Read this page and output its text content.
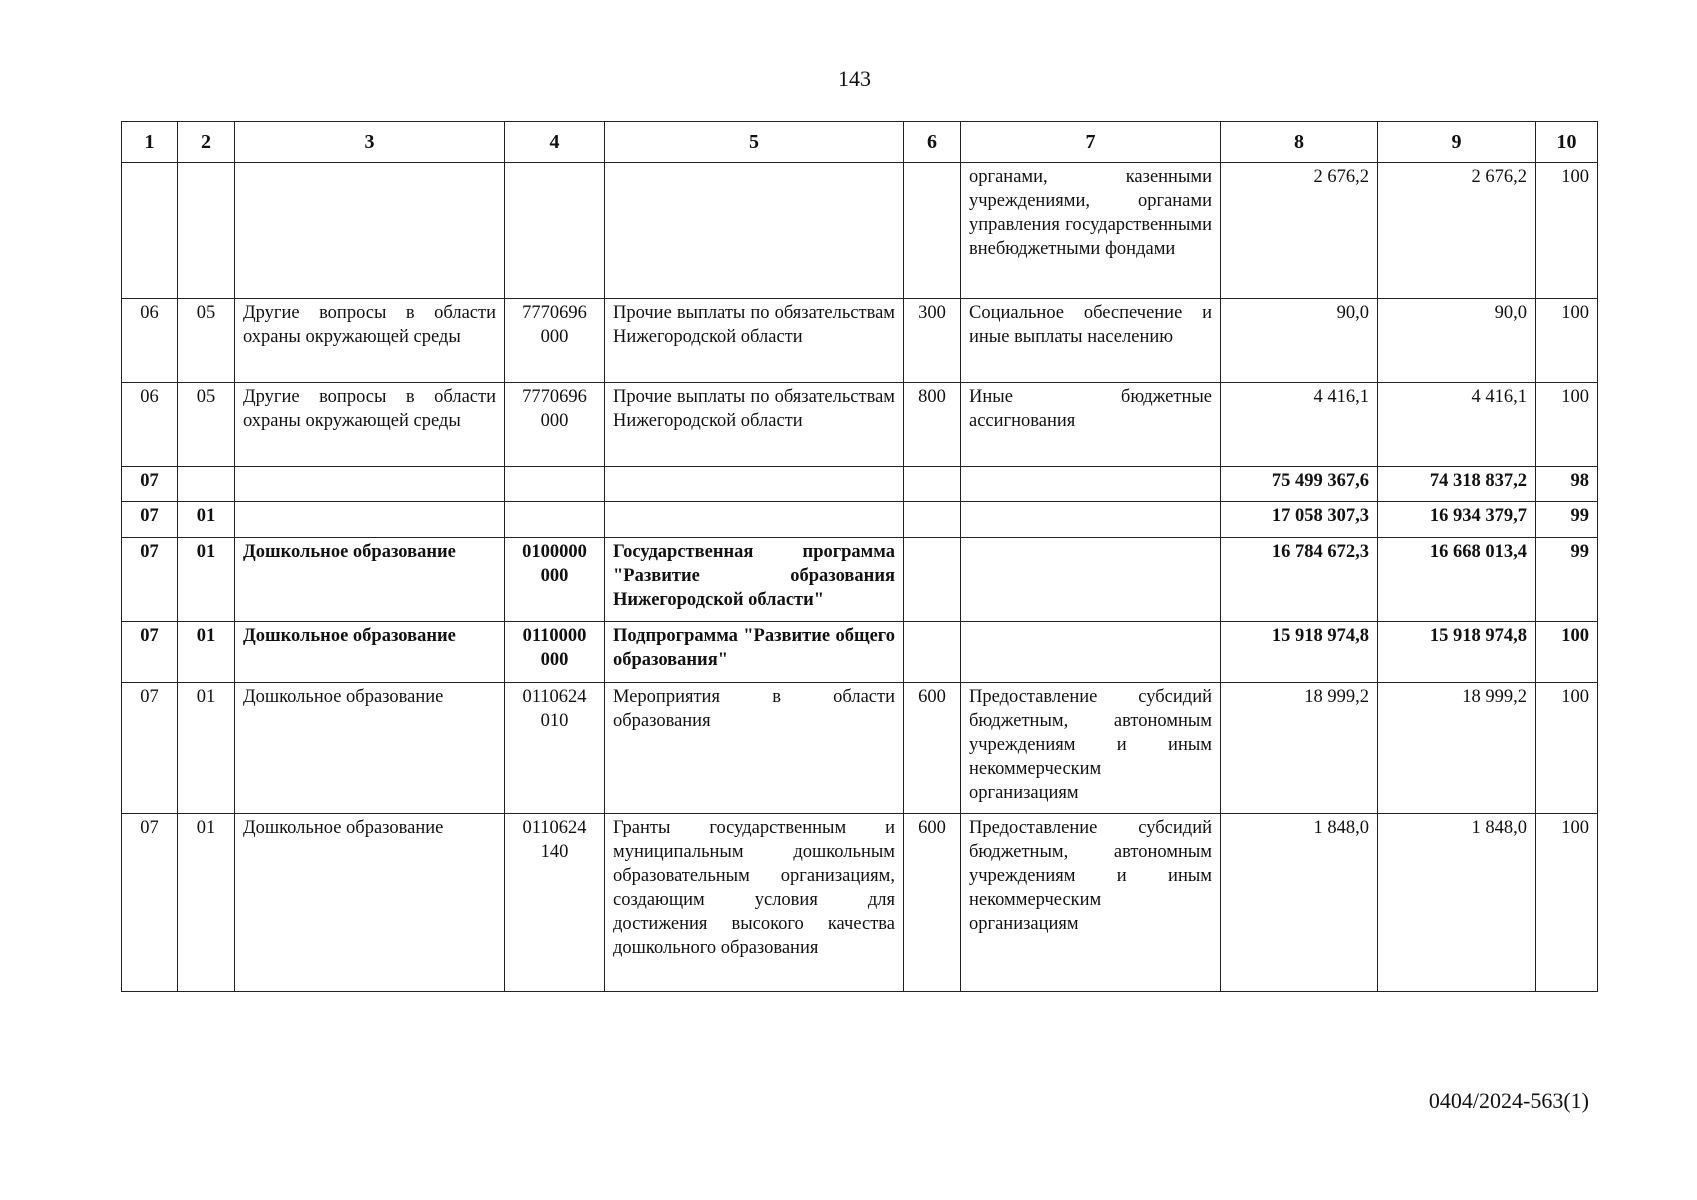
143
1	2	3	4	5	6	7	8	9	10
						органами, казенными учреждениями, органами управления государственными внебюджетными фондами	2 676,2	2 676,2	100
06	05	Другие вопросы в области охраны окружающей среды	7770696 000	Прочие выплаты по обязательствам Нижегородской области	300	Социальное обеспечение и иные выплаты населению	90,0	90,0	100
06	05	Другие вопросы в области охраны окружающей среды	7770696 000	Прочие выплаты по обязательствам Нижегородской области	800	Иные бюджетные ассигнования	4 416,1	4 416,1	100
07							75 499 367,6	74 318 837,2	98
07	01						17 058 307,3	16 934 379,7	99
07	01	Дошкольное образование	0100000 000	Государственная программа "Развитие образования Нижегородской области"			16 784 672,3	16 668 013,4	99
07	01	Дошкольное образование	0110000 000	Подпрограмма "Развитие общего образования"			15 918 974,8	15 918 974,8	100
07	01	Дошкольное образование	0110624 010	Мероприятия в области образования	600	Предоставление субсидий бюджетным, автономным учреждениям и иным некоммерческим организациям	18 999,2	18 999,2	100
07	01	Дошкольное образование	0110624 140	Гранты государственным и муниципальным дошкольным образовательным организациям, создающим условия для достижения высокого качества дошкольного образования	600	Предоставление субсидий бюджетным, автономным учреждениям и иным некоммерческим организациям	1 848,0	1 848,0	100
0404/2024-563(1)
